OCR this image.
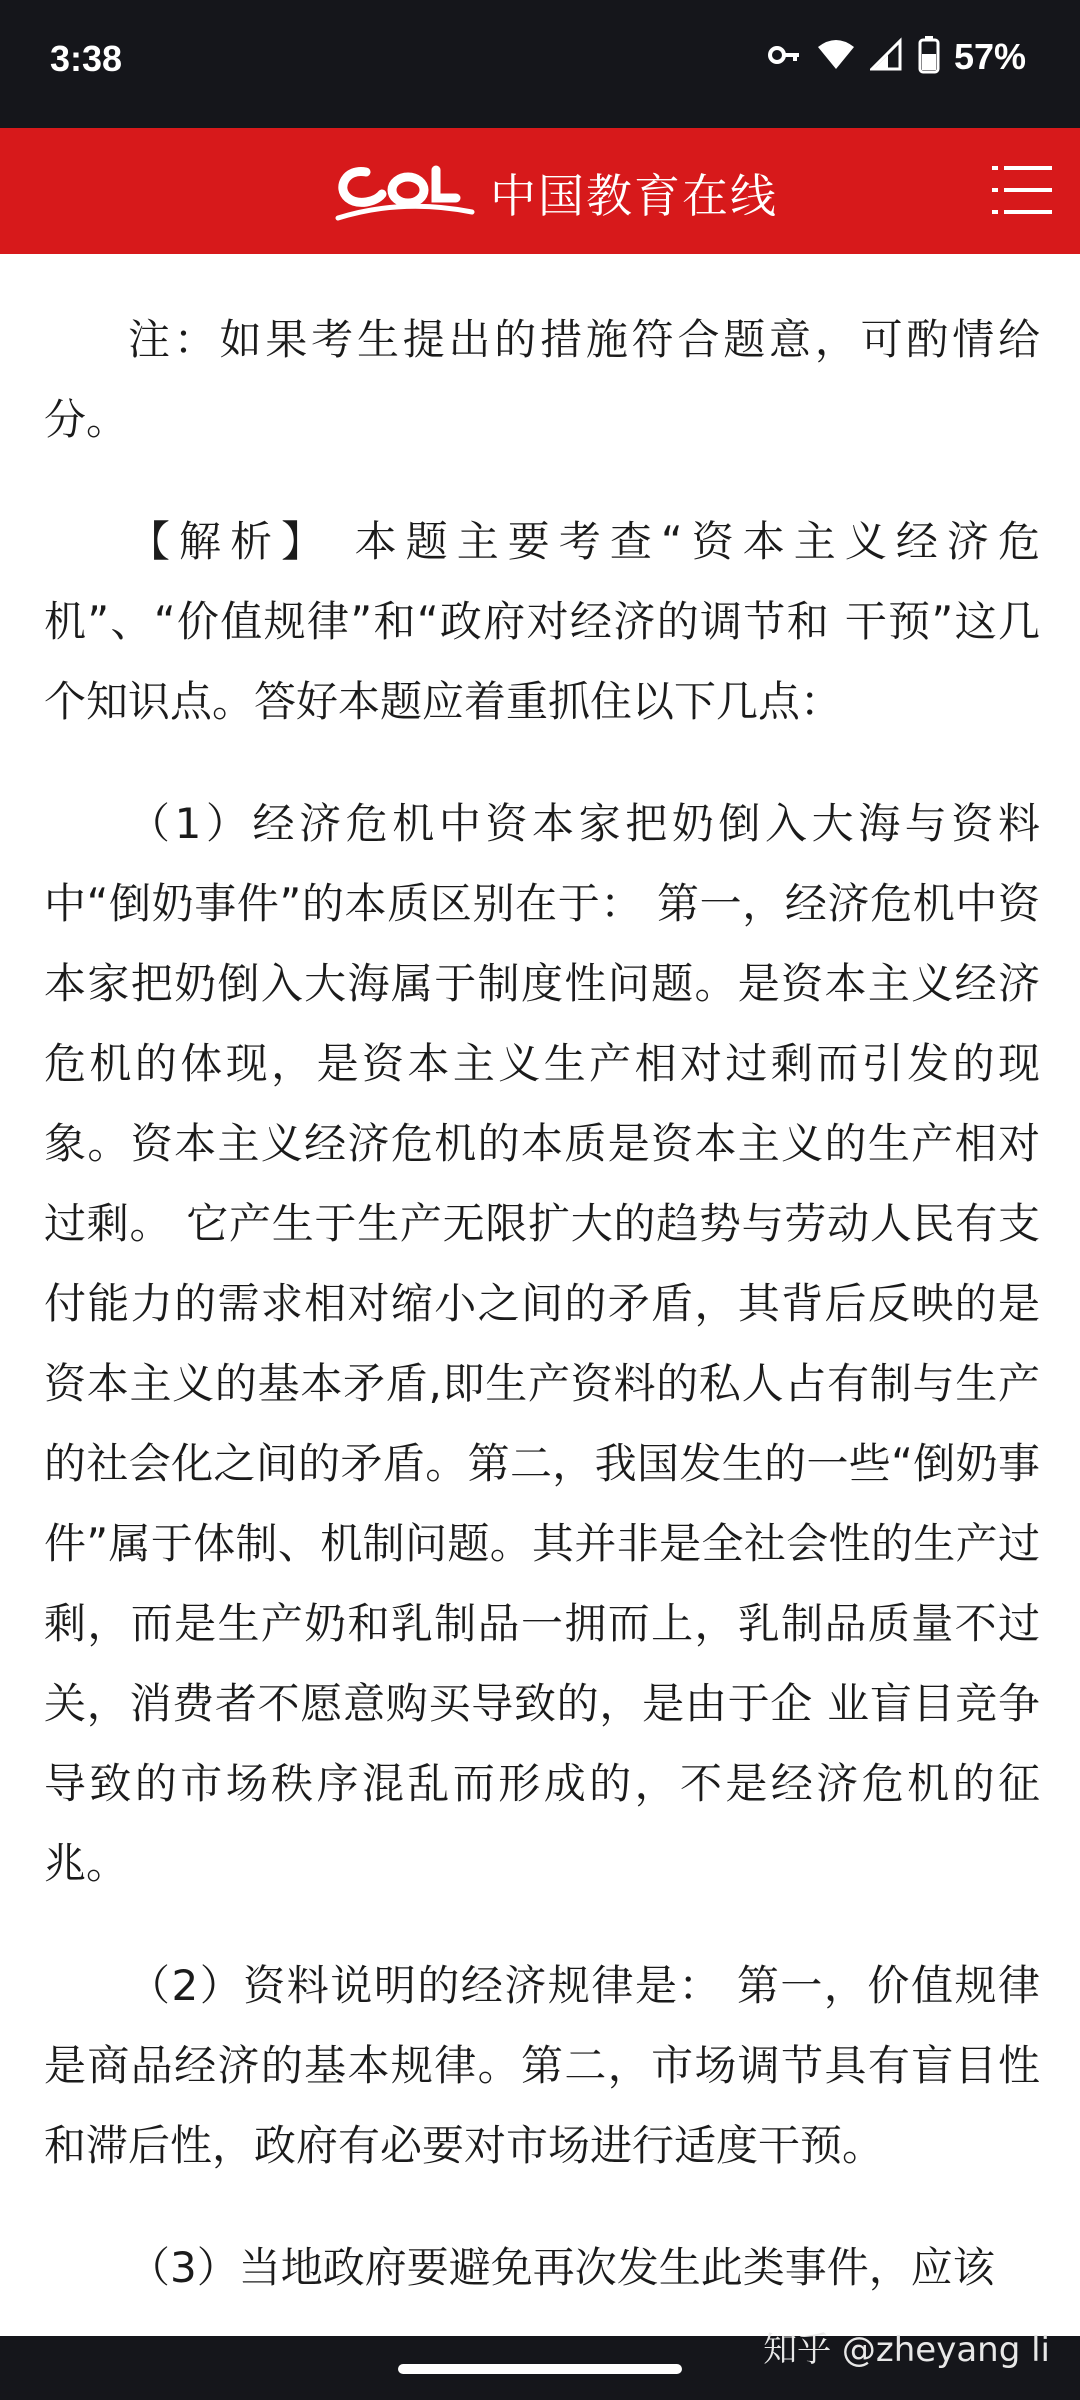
3:38	57%
中国教育在线

注：如果考生提出的措施符合题意，可酌情给分。

【解析】 本题主要考查“资本主义经济危机”、“价值规律”和“政府对经济的调节和 干预”这几个知识点。答好本题应着重抓住以下几点：

（1）经济危机中资本家把奶倒入大海与资料中“倒奶事件”的本质区别在于： 第一，经济危机中资本家把奶倒入大海属于制度性问题。是资本主义经济危机的体现，是资本主义生产相对过剩而引发的现象。资本主义经济危机的本质是资本主义的生产相对过剩。 它产生于生产无限扩大的趋势与劳动人民有支付能力的需求相对缩小之间的矛盾，其背后反映的是资本主义的基本矛盾,即生产资料的私人占有制与生产的社会化之间的矛盾。第二，我国发生的一些“倒奶事件”属于体制、机制问题。其并非是全社会性的生产过 剩，而是生产奶和乳制品一拥而上，乳制品质量不过关，消费者不愿意购买导致的，是由于企 业盲目竞争导致的市场秩序混乱而形成的，不是经济危机的征兆。

（2）资料说明的经济规律是： 第一，价值规律是商品经济的基本规律。第二，市场调节具有盲目性和滞后性，政府有必要对市场进行适度干预。

（3）当地政府要避免再次发生此类事件，应该

知乎 @zheyang li
